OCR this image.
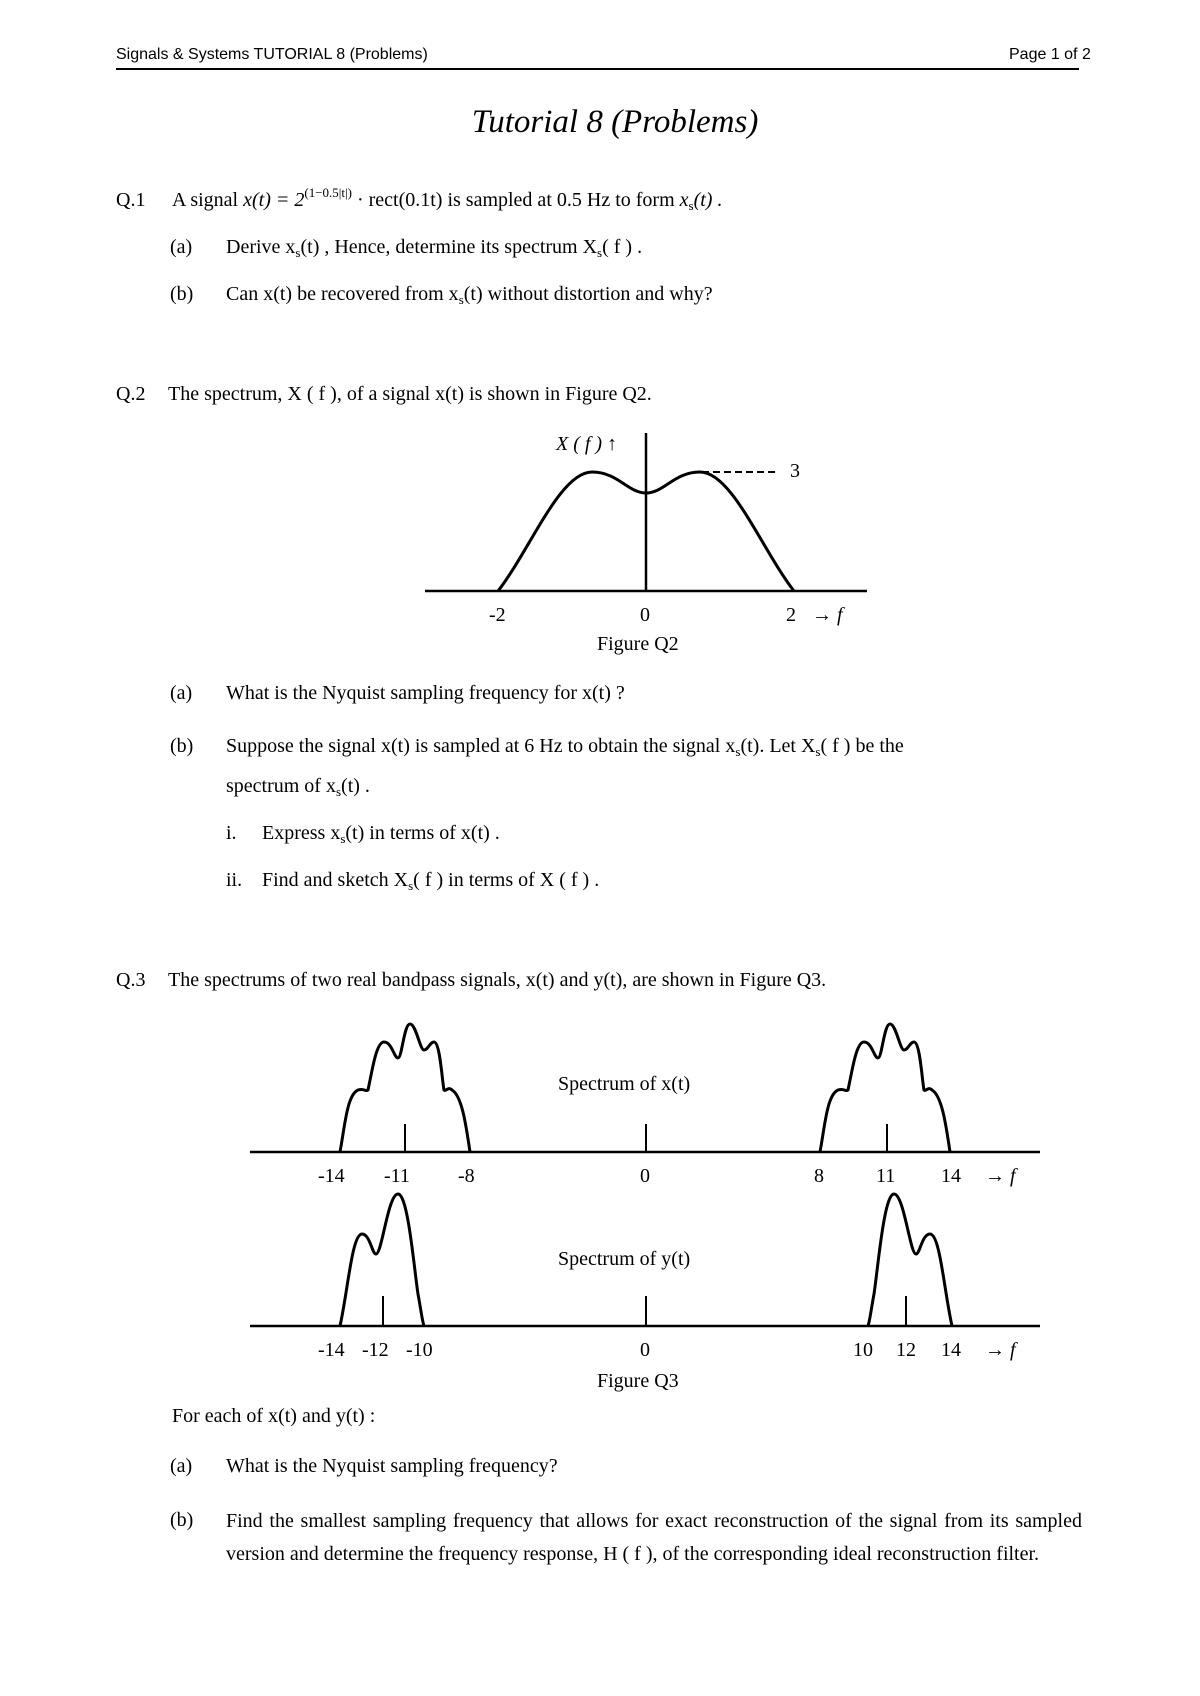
Signals & Systems TUTORIAL 8 (Problems)	Page 1 of 2
Tutorial 8 (Problems)
Q.1 A signal $x(t) = 2^{(1-0.5|t|)}$ · rect(0.1t) is sampled at 0.5 Hz to form $x_s(t)$ .
(a) Derive $x_s(t)$ , Hence, determine its spectrum $X_s$( f ) .
(b) Can x(t) be recovered from $x_s(t)$ without distortion and why?
Q.2 The spectrum, X ( f ), of a signal x(t) is shown in Figure Q2.
3
X ( f ) ↑
-2	0	2 → f
Figure Q2
(a) What is the Nyquist sampling frequency for x(t) ?
(b) Suppose the signal x(t) is sampled at 6 Hz to obtain the signal $x_s(t)$. Let $X_s$( f ) be the
spectrum of $x_s(t)$ .
i. Express $x_s(t)$ in terms of x(t) .
ii. Find and sketch $X_s$( f ) in terms of X ( f ) .
Q.3 The spectrums of two real bandpass signals, x(t) and y(t), are shown in Figure Q3.
Spectrum of x(t)
-14 -11 -8	0	8	11 14 → f
Spectrum of y(t)
-14 -12 -10	0	10 12 14 → f
Figure Q3
For each of x(t) and y(t) :
(a) What is the Nyquist sampling frequency?
(b) Find the smallest sampling frequency that allows for exact reconstruction of the signal from its sampled version and determine the frequency response, H ( f ), of the corresponding ideal reconstruction filter.
